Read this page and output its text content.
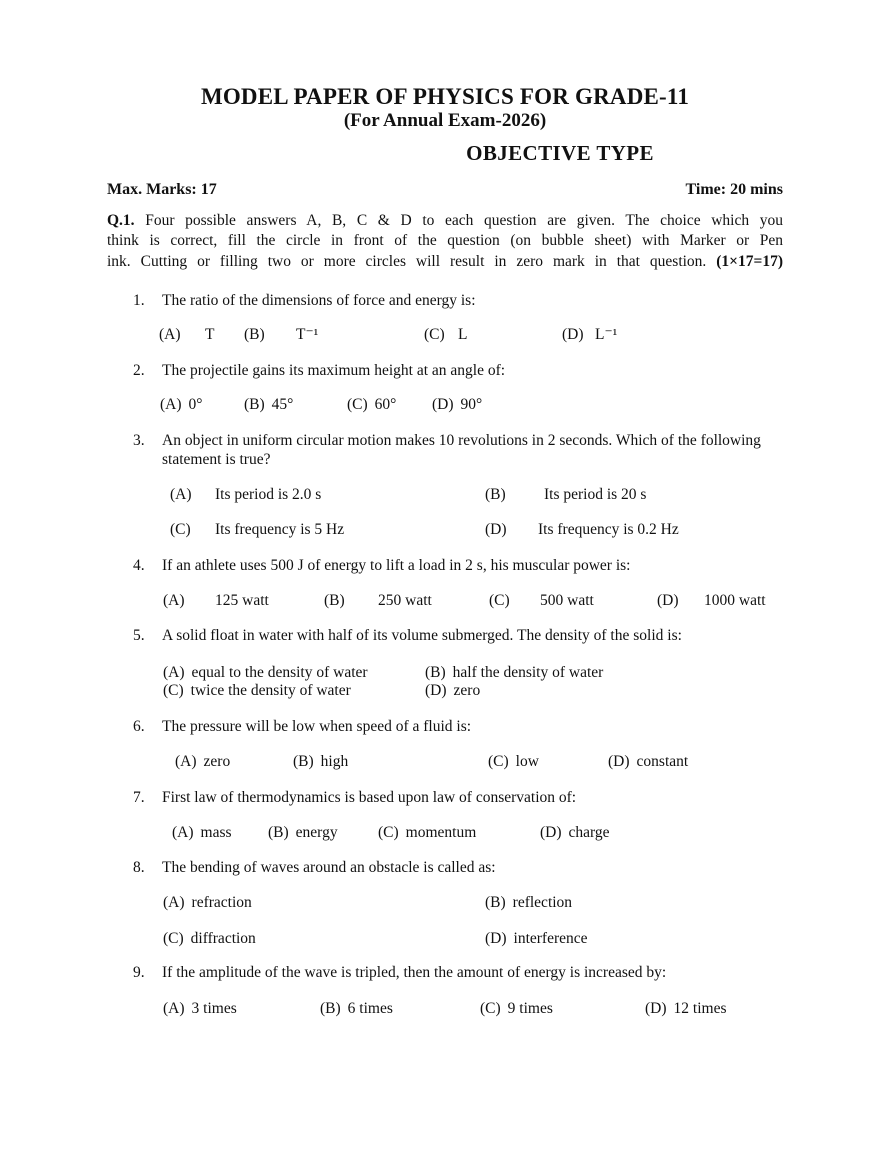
MODEL PAPER OF PHYSICS FOR GRADE-11
(For Annual Exam-2026)
OBJECTIVE TYPE
Max. Marks: 17	Time: 20 mins
Q.1. Four possible answers A, B, C & D to each question are given. The choice which you
think is correct, fill the circle in front of the question (on bubble sheet) with Marker or Pen
ink. Cutting or filling two or more circles will result in zero mark in that question. (1×17=17)
1. The ratio of the dimensions of force and energy is:
(A) T (B) T⁻¹	(C) L	(D) L⁻¹
2. The projectile gains its maximum height at an angle of:
(A) 0°	(B) 45°	(C) 60° (D) 90°
3. An object in uniform circular motion makes 10 revolutions in 2 seconds. Which of the following statement is true?
(A) Its period is 2.0 s	(B) Its period is 20 s
(C) Its frequency is 5 Hz	(D) Its frequency is 0.2 Hz
4. If an athlete uses 500 J of energy to lift a load in 2 s, his muscular power is:
(A) 125 watt	(B) 250 watt	(C) 500 watt	(D) 1000 watt
5. A solid float in water with half of its volume submerged. The density of the solid is:
(A) equal to the density of water	(B) half the density of water
(C) twice the density of water	(D) zero
6. The pressure will be low when speed of a fluid is:
(A) zero	(B) high	(C) low	(D) constant
7. First law of thermodynamics is based upon law of conservation of:
(A) mass (B) energy	(C) momentum	(D) charge
8. The bending of waves around an obstacle is called as:
(A) refraction	(B) reflection
(C) diffraction	(D) interference
9. If the amplitude of the wave is tripled, then the amount of energy is increased by:
(A) 3 times	(B) 6 times	(C) 9 times	(D) 12 times
